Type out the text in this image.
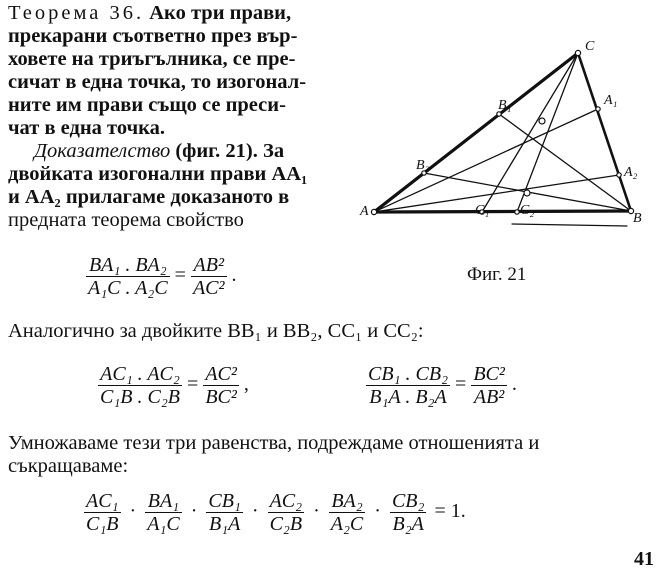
Теорема 36. Ако три прави,
прекарани съответно през вър-
ховете на триъгълника, се пре-
сичат в една точка, то изогонал-
ните им прави също се преси-
чат в една точка.
Доказателство (фиг. 21). За
двойката изогонални прави AA₁
и AA₂ прилагаме доказаното в
предната теорема свойство
C
B
A
A₁
A₂
B₁
B₂
C₁ C₂
$\frac{\text{BA₁ . BA₂}}{\text{A₁C . A₂C}} = \frac{\text{AB²}}{\text{AC²}}$ .	Фиг. 21
Аналогично за двойките BB₁ и BB₂, CC₁ и CC₂:
$\frac{\text{AC₁ . AC₂}}{\text{C₁B . C₂B}} = \frac{\text{AC²}}{\text{BC²}}$ ,	$\frac{\text{CB₁ . CB₂}}{\text{B₁A . B₂A}} = \frac{\text{BC²}}{\text{AB²}}$ .
Умножаваме тези три равенства, подреждаме отношенията и
съкращаваме:
$\frac{\text{AC₁}}{\text{C₁B}} \cdot \frac{\text{BA₁}}{\text{A₁C}} \cdot \frac{\text{CB₁}}{\text{B₁A}} \cdot \frac{\text{AC₂}}{\text{C₂B}} \cdot \frac{\text{BA₂}}{\text{A₂C}} \cdot \frac{\text{CB₂}}{\text{B₂A}} = 1$.
41
